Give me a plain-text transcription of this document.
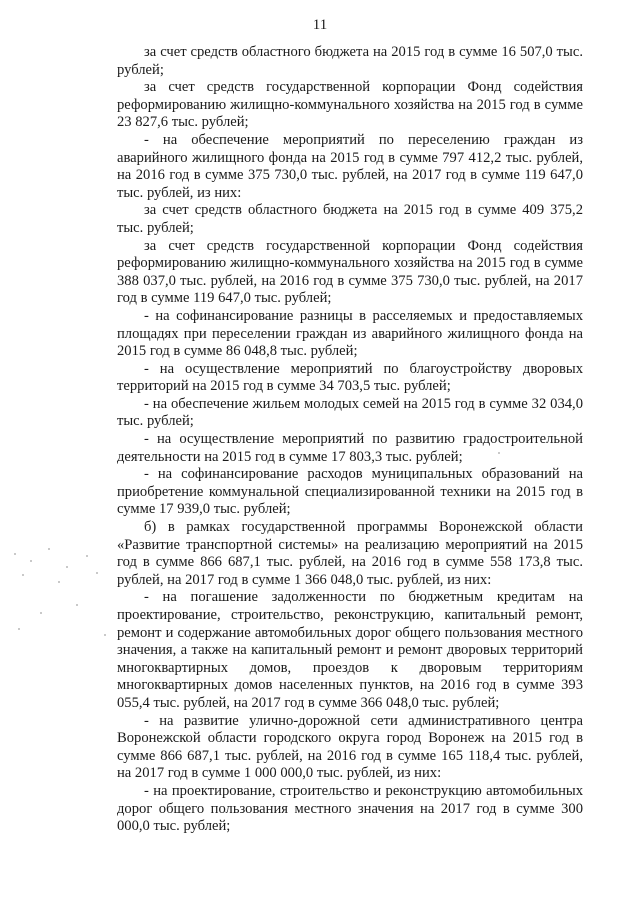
11

за счет средств областного бюджета на 2015 год в сумме 16 507,0 тыс. рублей;

за счет средств государственной корпорации Фонд содействия реформированию жилищно-коммунального хозяйства на 2015 год в сумме 23 827,6 тыс. рублей;

- на обеспечение мероприятий по переселению граждан из аварийного жилищного фонда на 2015 год в сумме 797 412,2 тыс. рублей, на 2016 год в сумме 375 730,0 тыс. рублей, на 2017 год в сумме 119 647,0 тыс. рублей, из них:

за счет средств областного бюджета на 2015 год в сумме 409 375,2 тыс. рублей;

за счет средств государственной корпорации Фонд содействия реформированию жилищно-коммунального хозяйства на 2015 год в сумме 388 037,0 тыс. рублей, на 2016 год в сумме 375 730,0 тыс. рублей, на 2017 год в сумме 119 647,0 тыс. рублей;

- на софинансирование разницы в расселяемых и предоставляемых площадях при переселении граждан из аварийного жилищного фонда на 2015 год в сумме 86 048,8 тыс. рублей;

- на осуществление мероприятий по благоустройству дворовых территорий на 2015 год в сумме 34 703,5 тыс. рублей;

- на обеспечение жильем молодых семей на 2015 год в сумме 32 034,0 тыс. рублей;

- на осуществление мероприятий по развитию градостроительной деятельности на 2015 год в сумме 17 803,3 тыс. рублей;

- на софинансирование расходов муниципальных образований на приобретение коммунальной специализированной техники на 2015 год в сумме 17 939,0 тыс. рублей;

б) в рамках государственной программы Воронежской области «Развитие транспортной системы» на реализацию мероприятий на 2015 год в сумме 866 687,1 тыс. рублей, на 2016 год в сумме 558 173,8 тыс. рублей, на 2017 год в сумме 1 366 048,0 тыс. рублей, из них:

- на погашение задолженности по бюджетным кредитам на проектирование, строительство, реконструкцию, капитальный ремонт, ремонт и содержание автомобильных дорог общего пользования местного значения, а также на капитальный ремонт и ремонт дворовых территорий многоквартирных домов, проездов к дворовым территориям многоквартирных домов населенных пунктов, на 2016 год в сумме 393 055,4 тыс. рублей, на 2017 год в сумме 366 048,0 тыс. рублей;

- на развитие улично-дорожной сети административного центра Воронежской области городского округа город Воронеж на 2015 год в сумме 866 687,1 тыс. рублей, на 2016 год в сумме 165 118,4 тыс. рублей, на 2017 год в сумме 1 000 000,0 тыс. рублей, из них:

- на проектирование, строительство и реконструкцию автомобильных дорог общего пользования местного значения на 2017 год в сумме 300 000,0 тыс. рублей;
